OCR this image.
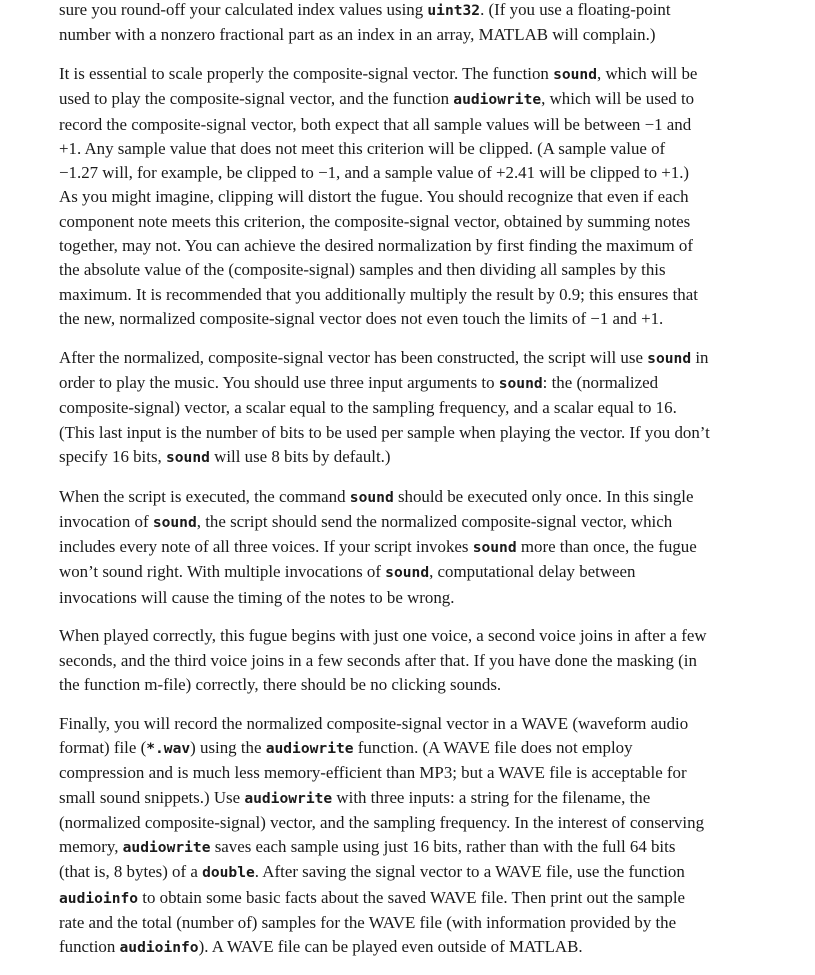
sure you round-off your calculated index values using uint32. (If you use a floating-point
number with a nonzero fractional part as an index in an array, MATLAB will complain.)

It is essential to scale properly the composite-signal vector. The function sound, which will be
used to play the composite-signal vector, and the function audiowrite, which will be used to
record the composite-signal vector, both expect that all sample values will be between −1 and
+1. Any sample value that does not meet this criterion will be clipped. (A sample value of
−1.27 will, for example, be clipped to −1, and a sample value of +2.41 will be clipped to +1.)
As you might imagine, clipping will distort the fugue. You should recognize that even if each
component note meets this criterion, the composite-signal vector, obtained by summing notes
together, may not. You can achieve the desired normalization by first finding the maximum of
the absolute value of the (composite-signal) samples and then dividing all samples by this
maximum. It is recommended that you additionally multiply the result by 0.9; this ensures that
the new, normalized composite-signal vector does not even touch the limits of −1 and +1.

After the normalized, composite-signal vector has been constructed, the script will use sound in
order to play the music. You should use three input arguments to sound: the (normalized
composite-signal) vector, a scalar equal to the sampling frequency, and a scalar equal to 16.
(This last input is the number of bits to be used per sample when playing the vector. If you don’t
specify 16 bits, sound will use 8 bits by default.)

When the script is executed, the command sound should be executed only once. In this single
invocation of sound, the script should send the normalized composite-signal vector, which
includes every note of all three voices. If your script invokes sound more than once, the fugue
won’t sound right. With multiple invocations of sound, computational delay between
invocations will cause the timing of the notes to be wrong.

When played correctly, this fugue begins with just one voice, a second voice joins in after a few
seconds, and the third voice joins in a few seconds after that. If you have done the masking (in
the function m-file) correctly, there should be no clicking sounds.

Finally, you will record the normalized composite-signal vector in a WAVE (waveform audio
format) file (*.wav) using the audiowrite function. (A WAVE file does not employ
compression and is much less memory-efficient than MP3; but a WAVE file is acceptable for
small sound snippets.) Use audiowrite with three inputs: a string for the filename, the
(normalized composite-signal) vector, and the sampling frequency. In the interest of conserving
memory, audiowrite saves each sample using just 16 bits, rather than with the full 64 bits
(that is, 8 bytes) of a double. After saving the signal vector to a WAVE file, use the function
audioinfo to obtain some basic facts about the saved WAVE file. Then print out the sample
rate and the total (number of) samples for the WAVE file (with information provided by the
function audioinfo). A WAVE file can be played even outside of MATLAB.
